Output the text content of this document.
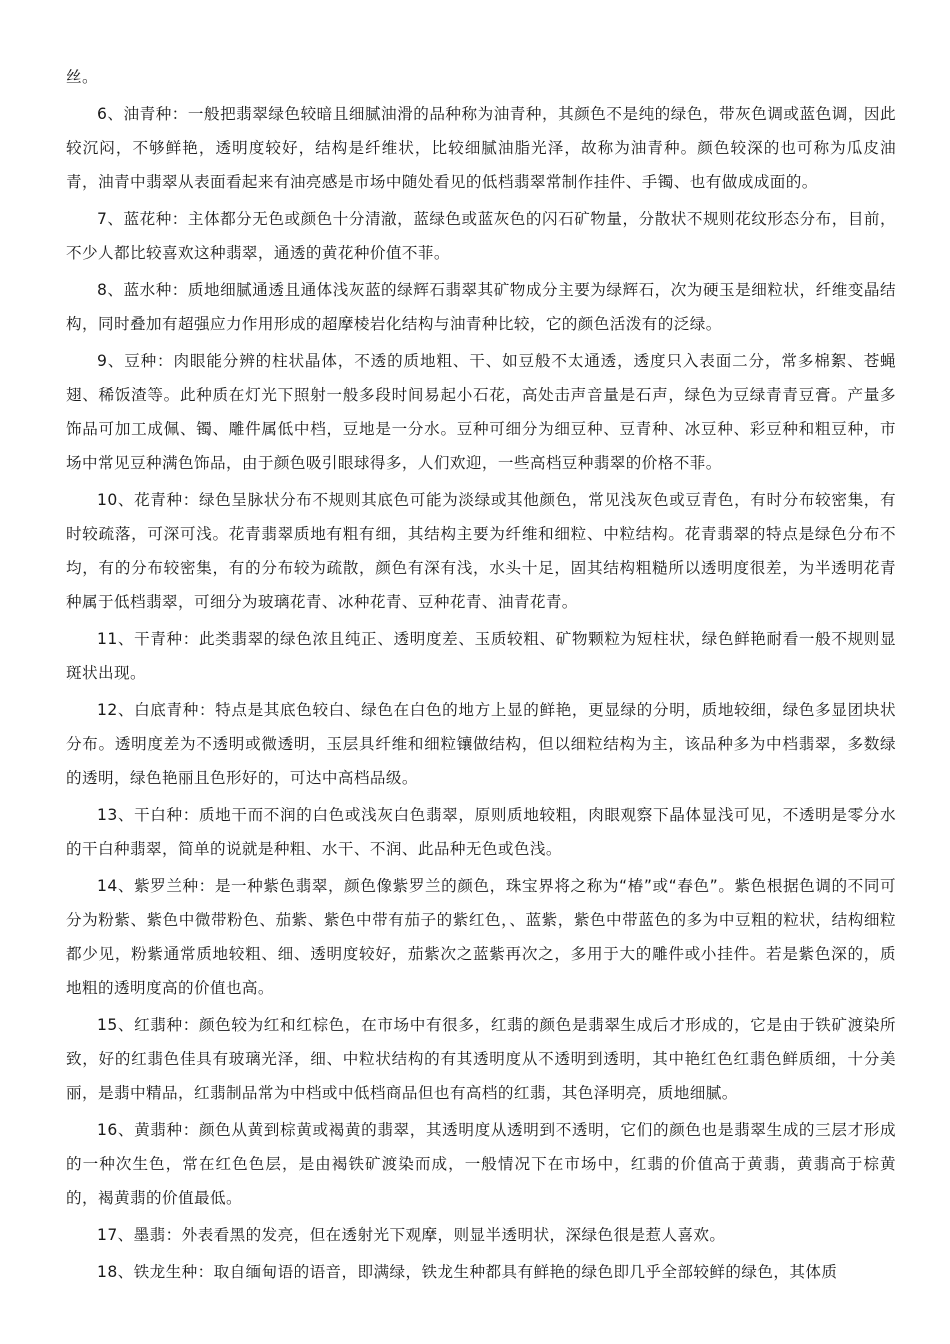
丝。

6、油青种：一般把翡翠绿色较暗且细腻油滑的品种称为油青种，其颜色不是纯的绿色，带灰色调或蓝色调，因此较沉闷，不够鲜艳，透明度较好，结构是纤维状，比较细腻油脂光泽，故称为油青种。颜色较深的也可称为瓜皮油青，油青中翡翠从表面看起来有油亮感是市场中随处看见的低档翡翠常制作挂件、手镯、也有做成成面的。

7、蓝花种：主体都分无色或颜色十分清澈，蓝绿色或蓝灰色的闪石矿物量，分散状不规则花纹形态分布，目前，不少人都比较喜欢这种翡翠，通透的黄花种价值不菲。

8、蓝水种：质地细腻通透且通体浅灰蓝的绿辉石翡翠其矿物成分主要为绿辉石，次为硬玉是细粒状，纤维变晶结构，同时叠加有超强应力作用形成的超摩棱岩化结构与油青种比较，它的颜色活泼有的泛绿。

9、豆种：肉眼能分辨的柱状晶体，不透的质地粗、干、如豆般不太通透，透度只入表面二分，常多棉絮、苍蝇翅、稀饭渣等。此种质在灯光下照射一般多段时间易起小石花，高处击声音量是石声，绿色为豆绿青青豆膏。产量多饰品可加工成佩、镯、雕件属低中档，豆地是一分水。豆种可细分为细豆种、豆青种、冰豆种、彩豆种和粗豆种，市场中常见豆种满色饰品，由于颜色吸引眼球得多，人们欢迎，一些高档豆种翡翠的价格不菲。

10、花青种：绿色呈脉状分布不规则其底色可能为淡绿或其他颜色，常见浅灰色或豆青色，有时分布较密集，有时较疏落，可深可浅。花青翡翠质地有粗有细，其结构主要为纤维和细粒、中粒结构。花青翡翠的特点是绿色分布不均，有的分布较密集，有的分布较为疏散，颜色有深有浅，水头十足，固其结构粗糙所以透明度很差，为半透明花青种属于低档翡翠，可细分为玻璃花青、冰种花青、豆种花青、油青花青。

11、干青种：此类翡翠的绿色浓且纯正、透明度差、玉质较粗、矿物颗粒为短柱状，绿色鲜艳耐看一般不规则显斑状出现。

12、白底青种：特点是其底色较白、绿色在白色的地方上显的鲜艳，更显绿的分明，质地较细，绿色多显团块状分布。透明度差为不透明或微透明，玉层具纤维和细粒镶做结构，但以细粒结构为主，该品种多为中档翡翠，多数绿的透明，绿色艳丽且色形好的，可达中高档品级。

13、干白种：质地干而不润的白色或浅灰白色翡翠，原则质地较粗，肉眼观察下晶体显浅可见，不透明是零分水的干白种翡翠，简单的说就是种粗、水干、不润、此品种无色或色浅。

14、紫罗兰种：是一种紫色翡翠，颜色像紫罗兰的颜色，珠宝界将之称为“椿”或“春色”。紫色根据色调的不同可分为粉紫、紫色中微带粉色、茄紫、紫色中带有茄子的紫红色，、蓝紫，紫色中带蓝色的多为中豆粗的粒状，结构细粒都少见，粉紫通常质地较粗、细、透明度较好，茄紫次之蓝紫再次之，多用于大的雕件或小挂件。若是紫色深的，质地粗的透明度高的价值也高。

15、红翡种：颜色较为红和红棕色，在市场中有很多，红翡的颜色是翡翠生成后才形成的，它是由于铁矿渡染所致，好的红翡色佳具有玻璃光泽，细、中粒状结构的有其透明度从不透明到透明，其中艳红色红翡色鲜质细，十分美丽，是翡中精品，红翡制品常为中档或中低档商品但也有高档的红翡，其色泽明亮，质地细腻。

16、黄翡种：颜色从黄到棕黄或褐黄的翡翠，其透明度从透明到不透明，它们的颜色也是翡翠生成的三层才形成的一种次生色，常在红色色层，是由褐铁矿渡染而成，一般情况下在市场中，红翡的价值高于黄翡，黄翡高于棕黄的，褐黄翡的价值最低。

17、墨翡：外表看黑的发亮，但在透射光下观摩，则显半透明状，深绿色很是惹人喜欢。

18、铁龙生种：取自缅甸语的语音，即满绿，铁龙生种都具有鲜艳的绿色即几乎全部较鲜的绿色，其体质
